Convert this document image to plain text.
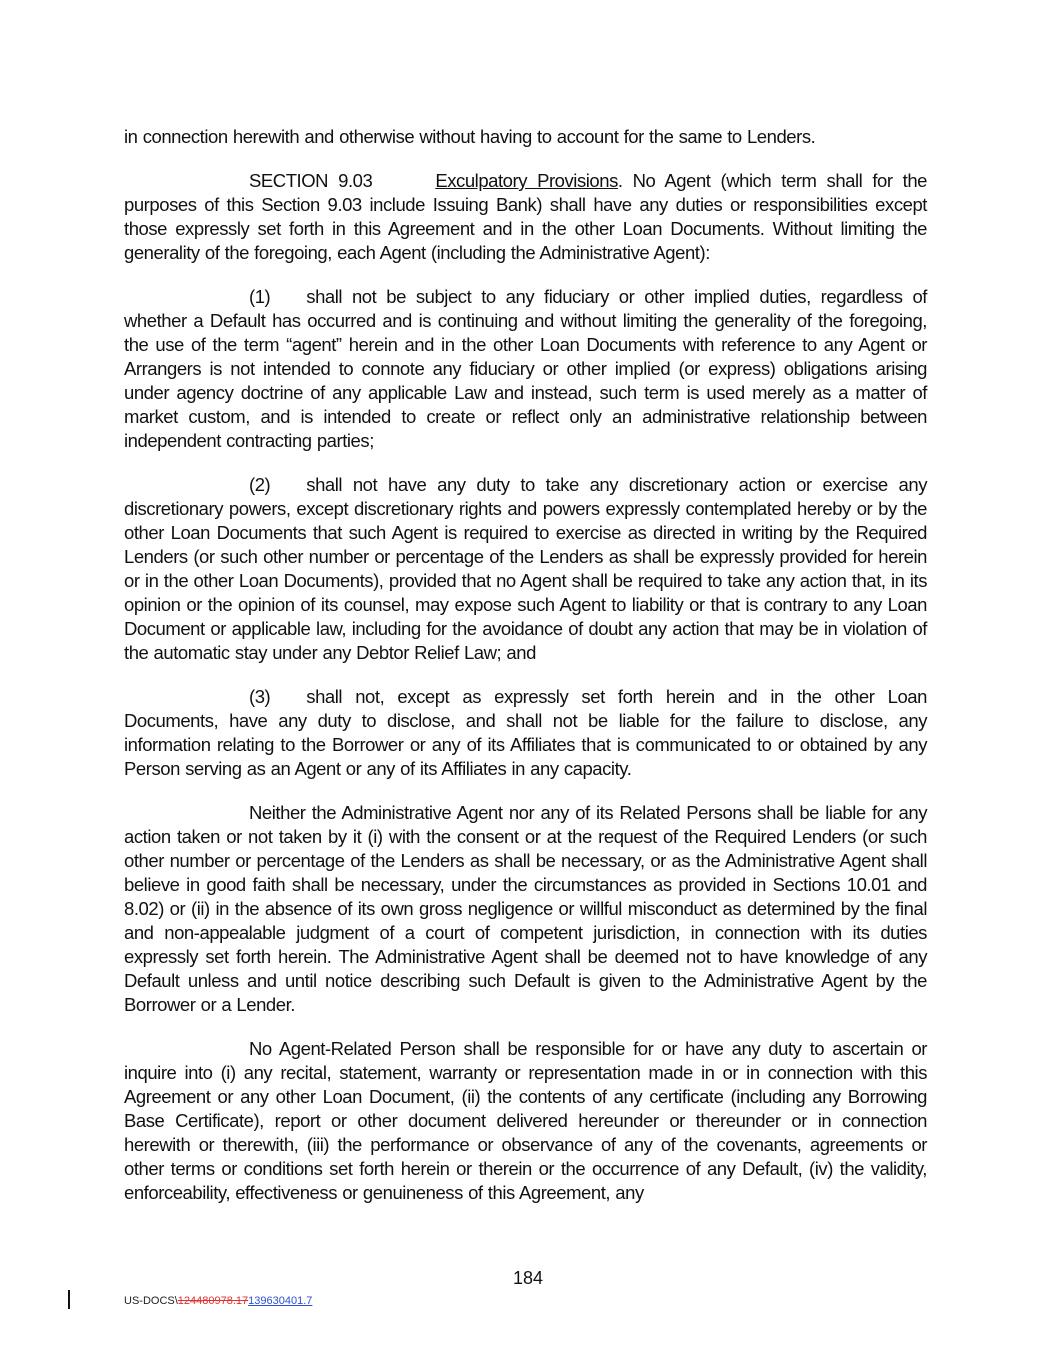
in connection herewith and otherwise without having to account for the same to Lenders.

SECTION 9.03	Exculpatory Provisions. No Agent (which term shall for the purposes of this Section 9.03 include Issuing Bank) shall have any duties or responsibilities except those expressly set forth in this Agreement and in the other Loan Documents. Without limiting the generality of the foregoing, each Agent (including the Administrative Agent):

(1) shall not be subject to any fiduciary or other implied duties, regardless of whether a Default has occurred and is continuing and without limiting the generality of the foregoing, the use of the term “agent” herein and in the other Loan Documents with reference to any Agent or Arrangers is not intended to connote any fiduciary or other implied (or express) obligations arising under agency doctrine of any applicable Law and instead, such term is used merely as a matter of market custom, and is intended to create or reflect only an administrative relationship between independent contracting parties;

(2) shall not have any duty to take any discretionary action or exercise any discretionary powers, except discretionary rights and powers expressly contemplated hereby or by the other Loan Documents that such Agent is required to exercise as directed in writing by the Required Lenders (or such other number or percentage of the Lenders as shall be expressly provided for herein or in the other Loan Documents), provided that no Agent shall be required to take any action that, in its opinion or the opinion of its counsel, may expose such Agent to liability or that is contrary to any Loan Document or applicable law, including for the avoidance of doubt any action that may be in violation of the automatic stay under any Debtor Relief Law; and

(3) shall not, except as expressly set forth herein and in the other Loan Documents, have any duty to disclose, and shall not be liable for the failure to disclose, any information relating to the Borrower or any of its Affiliates that is communicated to or obtained by any Person serving as an Agent or any of its Affiliates in any capacity.

Neither the Administrative Agent nor any of its Related Persons shall be liable for any action taken or not taken by it (i) with the consent or at the request of the Required Lenders (or such other number or percentage of the Lenders as shall be necessary, or as the Administrative Agent shall believe in good faith shall be necessary, under the circumstances as provided in Sections 10.01 and 8.02) or (ii) in the absence of its own gross negligence or willful misconduct as determined by the final and non-appealable judgment of a court of competent jurisdiction, in connection with its duties expressly set forth herein. The Administrative Agent shall be deemed not to have knowledge of any Default unless and until notice describing such Default is given to the Administrative Agent by the Borrower or a Lender.

No Agent-Related Person shall be responsible for or have any duty to ascertain or inquire into (i) any recital, statement, warranty or representation made in or in connection with this Agreement or any other Loan Document, (ii) the contents of any certificate (including any Borrowing Base Certificate), report or other document delivered hereunder or thereunder or in connection herewith or therewith, (iii) the performance or observance of any of the covenants, agreements or other terms or conditions set forth herein or therein or the occurrence of any Default, (iv) the validity, enforceability, effectiveness or genuineness of this Agreement, any

184
US-DOCS\124480978.17139630401.7
